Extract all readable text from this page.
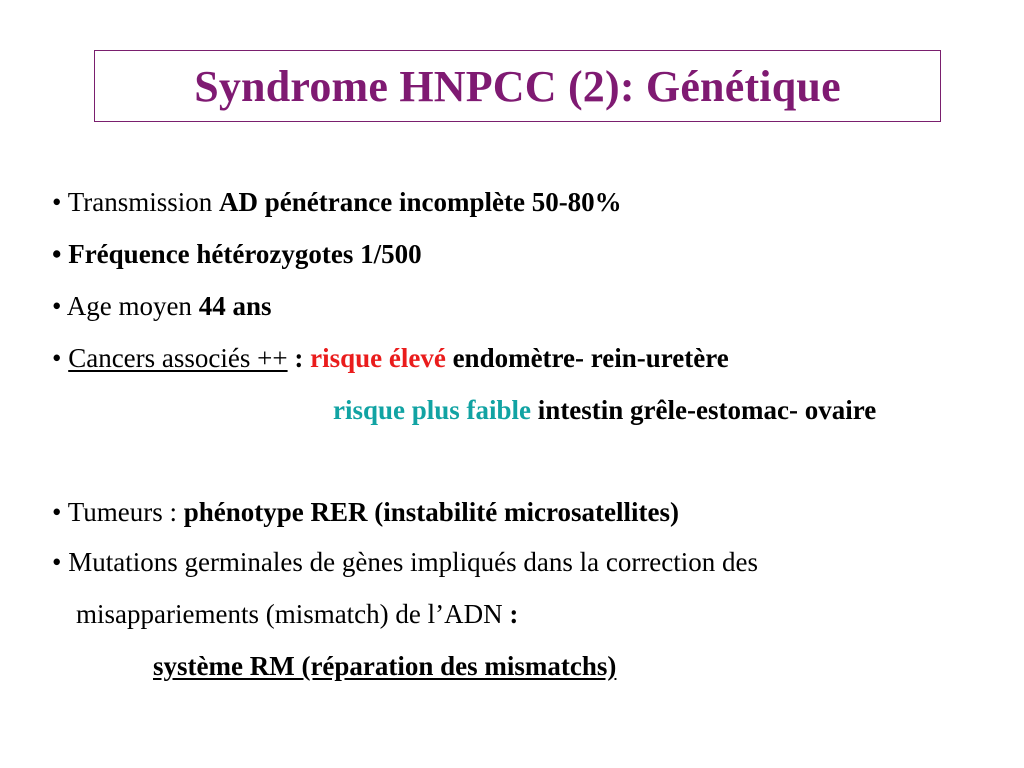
Syndrome HNPCC (2): Génétique
• Transmission AD pénétrance incomplète 50-80%
• Fréquence hétérozygotes 1/500
• Age moyen 44 ans
• Cancers associés ++ : risque élevé endomètre- rein-uretère
risque plus faible intestin grêle-estomac- ovaire
• Tumeurs : phénotype RER (instabilité microsatellites)
• Mutations germinales de gènes impliqués dans la correction des
misappariements (mismatch) de l’ADN :
système RM (réparation des mismatchs)
